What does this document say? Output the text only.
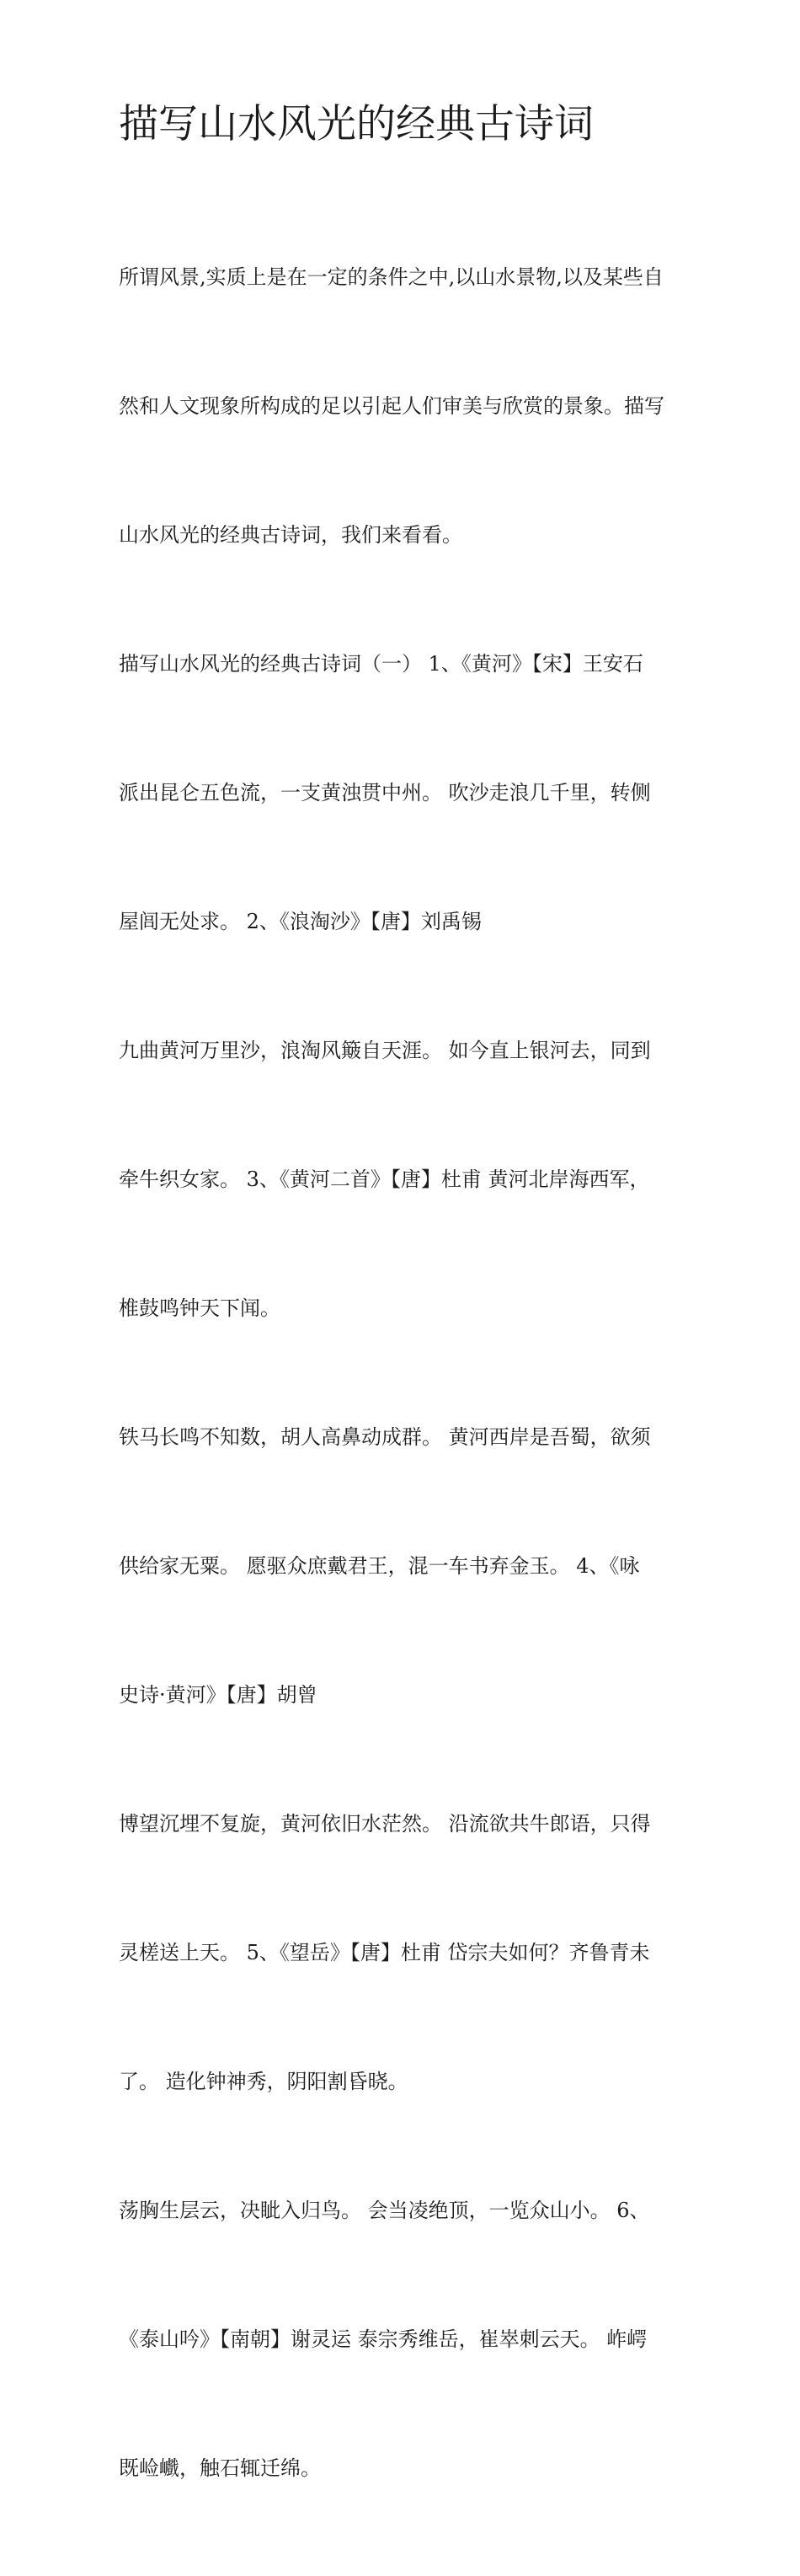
描写山水风光的经典古诗词

所谓风景,实质上是在一定的条件之中,以山水景物,以及某些自

然和人文现象所构成的足以引起人们审美与欣赏的景象。描写

山水风光的经典古诗词，我们来看看。

描写山水风光的经典古诗词（一） 1、《黄河》【宋】王安石

派出昆仑五色流，一支黄浊贯中州。 吹沙走浪几千里，转侧

屋闾无处求。 2、《浪淘沙》【唐】刘禹锡

九曲黄河万里沙，浪淘风簸自天涯。 如今直上银河去，同到

牵牛织女家。 3、《黄河二首》【唐】杜甫 黄河北岸海西军，

椎鼓鸣钟天下闻。

铁马长鸣不知数，胡人高鼻动成群。 黄河西岸是吾蜀，欲须

供给家无粟。 愿驱众庶戴君王，混一车书弃金玉。 4、《咏

史诗·黄河》【唐】胡曾

博望沉埋不复旋，黄河依旧水茫然。 沿流欲共牛郎语，只得

灵槎送上天。 5、《望岳》【唐】杜甫 岱宗夫如何？齐鲁青未

了。 造化钟神秀，阴阳割昏晓。

荡胸生层云，决眦入归鸟。 会当凌绝顶，一览众山小。 6、

《泰山吟》【南朝】谢灵运 泰宗秀维岳，崔崒刺云天。 岞崿

既崄巇，触石辄迁绵。
